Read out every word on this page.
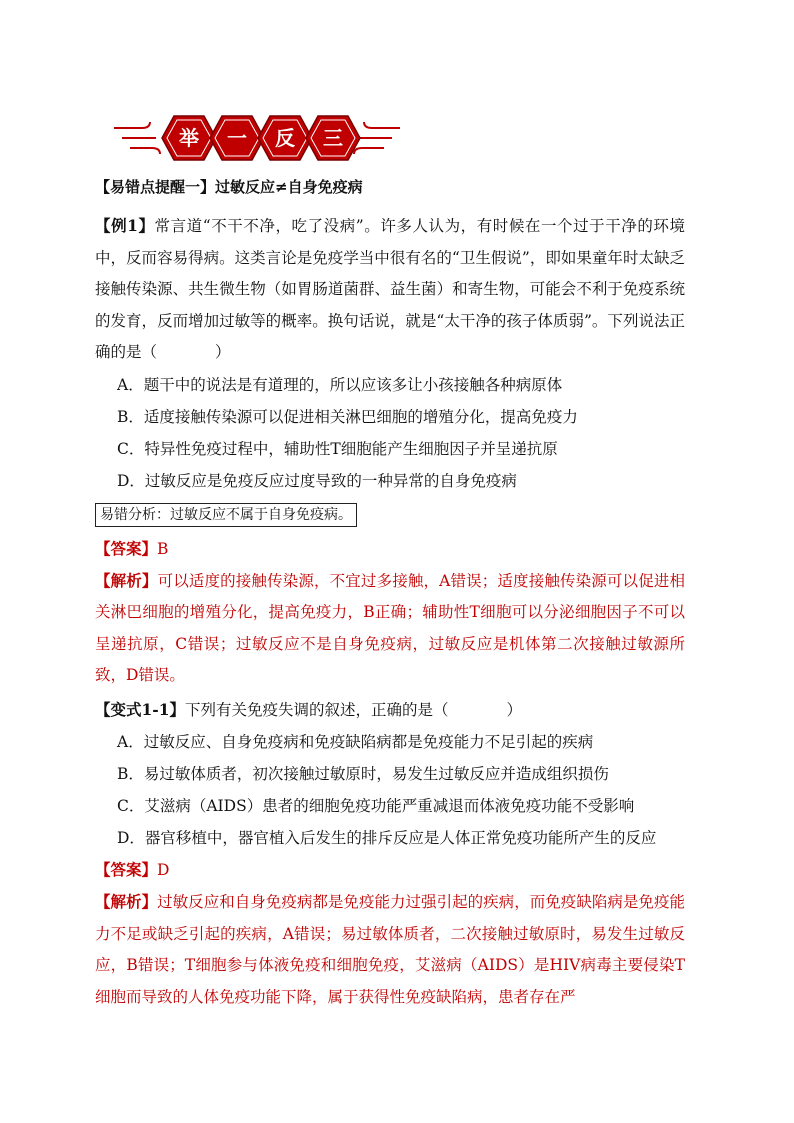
举 一 反 三
【易错点提醒一】过敏反应≠自身免疫病

【例1】常言道“不干不净，吃了没病”。许多人认为，有时候在一个过于干净的环境中，反而容易得病。这类言论是免疫学当中很有名的“卫生假说”，即如果童年时太缺乏接触传染源、共生微生物（如胃肠道菌群、益生菌）和寄生物，可能会不利于免疫系统的发育，反而增加过敏等的概率。换句话说，就是“太干净的孩子体质弱”。下列说法正确的是（	）

A．题干中的说法是有道理的，所以应该多让小孩接触各种病原体

B．适度接触传染源可以促进相关淋巴细胞的增殖分化，提高免疫力

C．特异性免疫过程中，辅助性T细胞能产生细胞因子并呈递抗原

D．过敏反应是免疫反应过度导致的一种异常的自身免疫病

易错分析：过敏反应不属于自身免疫病。

【答案】B

【解析】可以适度的接触传染源，不宜过多接触，A错误；适度接触传染源可以促进相关淋巴细胞的增殖分化，提高免疫力，B正确；辅助性T细胞可以分泌细胞因子不可以呈递抗原，C错误；过敏反应不是自身免疫病，过敏反应是机体第二次接触过敏源所致，D错误。

【变式1-1】下列有关免疫失调的叙述，正确的是（	）

A．过敏反应、自身免疫病和免疫缺陷病都是免疫能力不足引起的疾病

B．易过敏体质者，初次接触过敏原时，易发生过敏反应并造成组织损伤

C．艾滋病（AIDS）患者的细胞免疫功能严重减退而体液免疫功能不受影响

D．器官移植中，器官植入后发生的排斥反应是人体正常免疫功能所产生的反应

【答案】D

【解析】过敏反应和自身免疫病都是免疫能力过强引起的疾病，而免疫缺陷病是免疫能力不足或缺乏引起的疾病，A错误；易过敏体质者，二次接触过敏原时，易发生过敏反应，B错误；T细胞参与体液免疫和细胞免疫，艾滋病（AIDS）是HIV病毒主要侵染T细胞而导致的人体免疫功能下降，属于获得性免疫缺陷病，患者存在严
